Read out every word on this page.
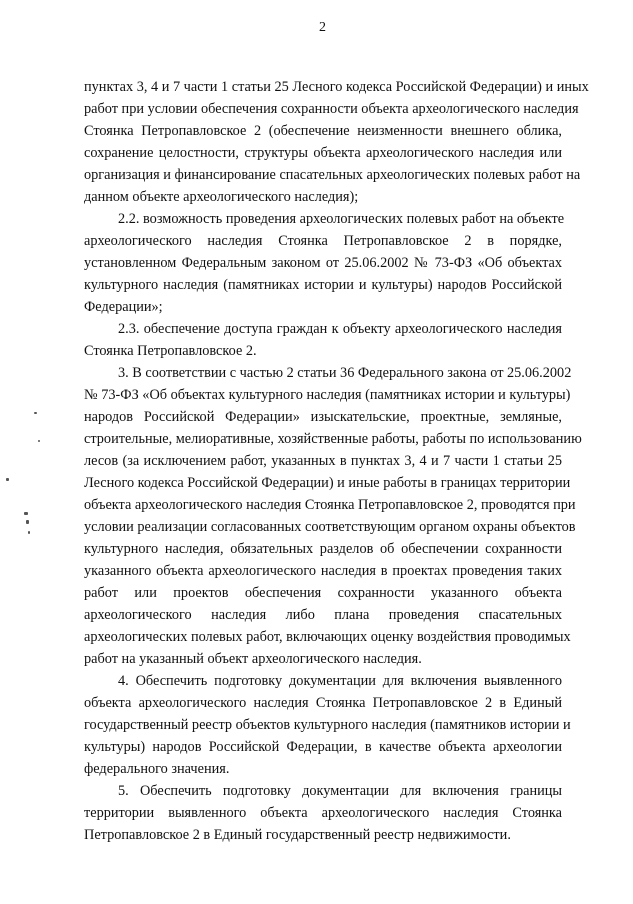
2
пунктах 3, 4 и 7 части 1 статьи 25 Лесного кодекса Российской Федерации) и иных
работ при условии обеспечения сохранности объекта археологического наследия
Стоянка Петропавловское 2 (обеспечение неизменности внешнего облика,
сохранение целостности, структуры объекта археологического наследия или
организация и финансирование спасательных археологических полевых работ на
данном объекте археологического наследия);
2.2. возможность проведения археологических полевых работ на объекте
археологического наследия Стоянка Петропавловское 2 в порядке,
установленном Федеральным законом от 25.06.2002 № 73-ФЗ «Об объектах
культурного наследия (памятниках истории и культуры) народов Российской
Федерации»;
2.3. обеспечение доступа граждан к объекту археологического наследия
Стоянка Петропавловское 2.
3. В соответствии с частью 2 статьи 36 Федерального закона от 25.06.2002
№ 73-ФЗ «Об объектах культурного наследия (памятниках истории и культуры)
народов Российской Федерации» изыскательские, проектные, земляные,
строительные, мелиоративные, хозяйственные работы, работы по использованию
лесов (за исключением работ, указанных в пунктах 3, 4 и 7 части 1 статьи 25
Лесного кодекса Российской Федерации) и иные работы в границах территории
объекта археологического наследия Стоянка Петропавловское 2, проводятся при
условии реализации согласованных соответствующим органом охраны объектов
культурного наследия, обязательных разделов об обеспечении сохранности
указанного объекта археологического наследия в проектах проведения таких
работ или проектов обеспечения сохранности указанного объекта
археологического наследия либо плана проведения спасательных
археологических полевых работ, включающих оценку воздействия проводимых
работ на указанный объект археологического наследия.
4. Обеспечить подготовку документации для включения выявленного
объекта археологического наследия Стоянка Петропавловское 2 в Единый
государственный реестр объектов культурного наследия (памятников истории и
культуры) народов Российской Федерации, в качестве объекта археологии
федерального значения.
5. Обеспечить подготовку документации для включения границы
территории выявленного объекта археологического наследия Стоянка
Петропавловское 2 в Единый государственный реестр недвижимости.
